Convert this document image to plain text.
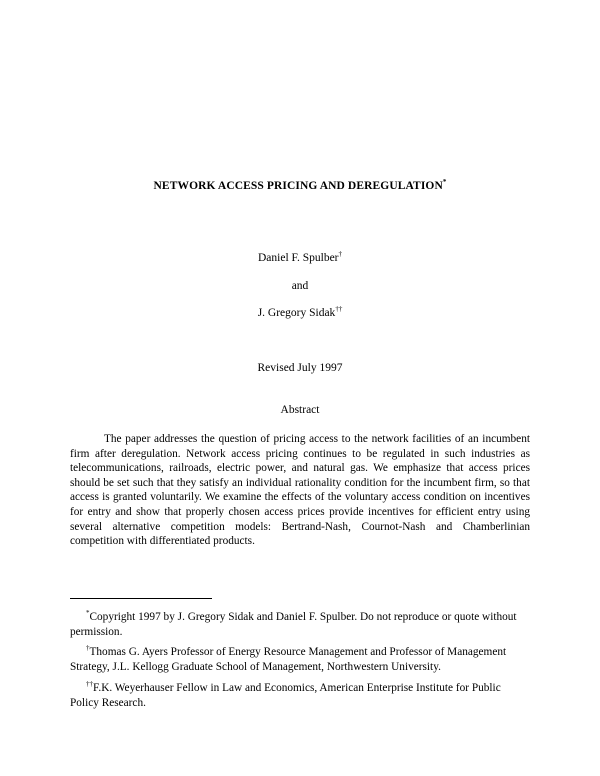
NETWORK ACCESS PRICING AND DEREGULATION*
Daniel F. Spulber†
and
J. Gregory Sidak††
Revised July 1997
Abstract
The paper addresses the question of pricing access to the network facilities of an incumbent firm after deregulation. Network access pricing continues to be regulated in such industries as telecommunications, railroads, electric power, and natural gas. We emphasize that access prices should be set such that they satisfy an individual rationality condition for the incumbent firm, so that access is granted voluntarily. We examine the effects of the voluntary access condition on incentives for entry and show that properly chosen access prices provide incentives for efficient entry using several alternative competition models: Bertrand-Nash, Cournot-Nash and Chamberlinian competition with differentiated products.
*Copyright 1997 by J. Gregory Sidak and Daniel F. Spulber. Do not reproduce or quote without permission.
†Thomas G. Ayers Professor of Energy Resource Management and Professor of Management Strategy, J.L. Kellogg Graduate School of Management, Northwestern University.
††F.K. Weyerhauser Fellow in Law and Economics, American Enterprise Institute for Public Policy Research.
